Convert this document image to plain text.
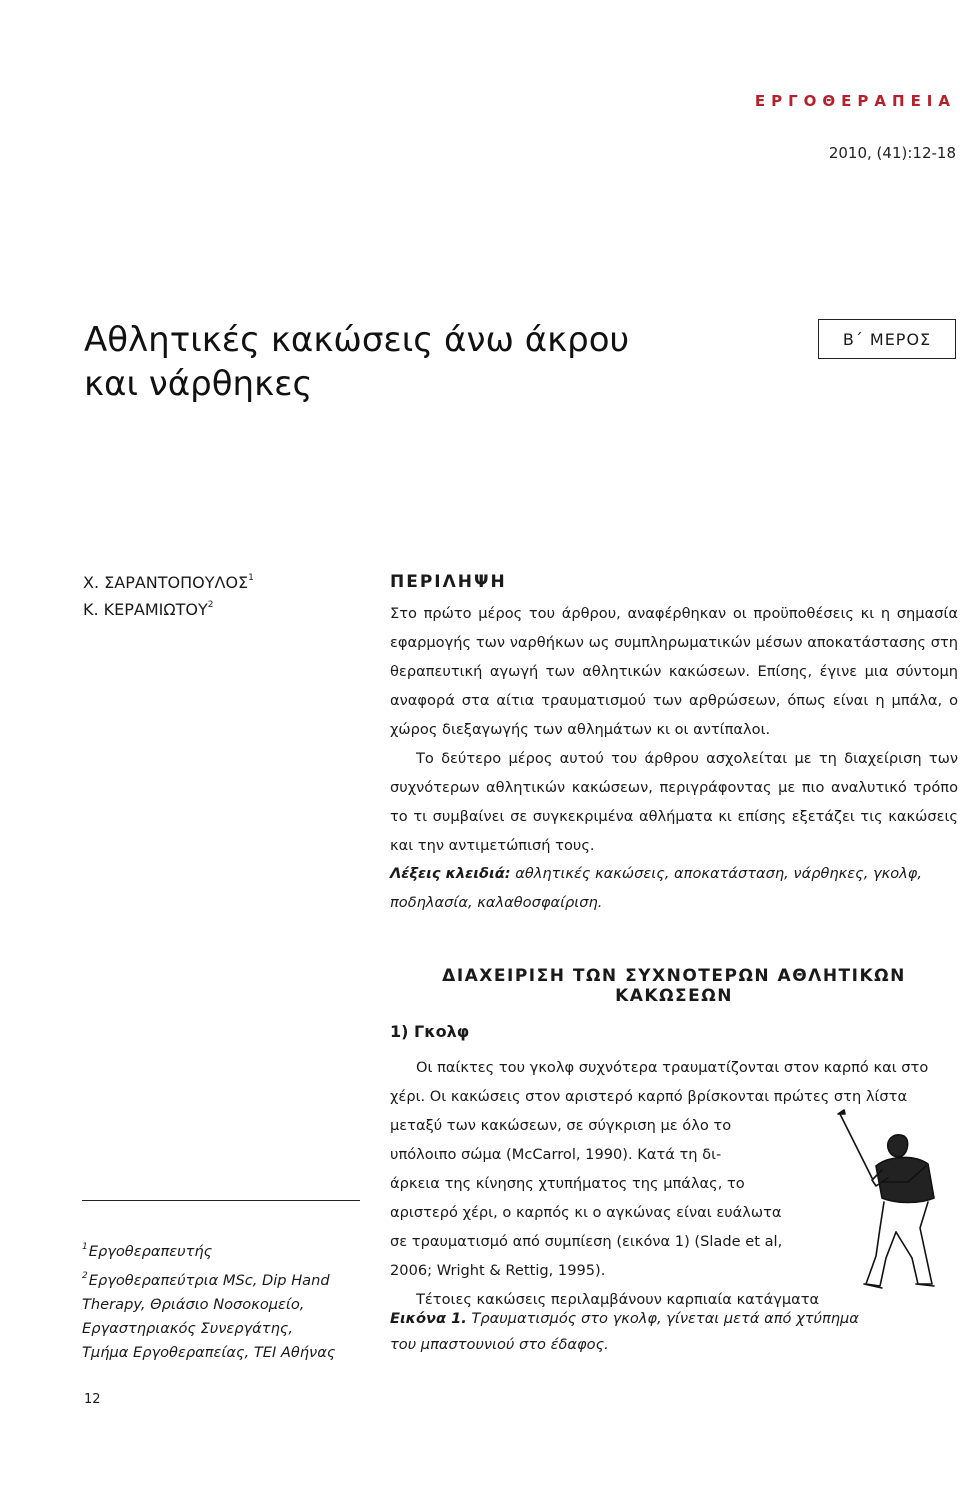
ΕΡΓΟΘΕΡΑΠΕΙΑ
2010, (41):12-18
Αθλητικές κακώσεις άνω άκρου
και νάρθηκες
Β΄ ΜΕΡΟΣ
Χ. ΣΑΡΑΝΤΟΠΟΥΛΟΣ$^1$
Κ. ΚΕΡΑΜΙΩΤΟΥ$^2$
ΠΕΡΙΛΗΨΗ

Στο πρώτο μέρος του άρθρου, αναφέρθηκαν οι προϋποθέσεις κι η σημασία εφαρμογής των ναρθήκων ως συμπληρωματικών μέσων αποκατάστασης στη θεραπευτική αγωγή των αθλητικών κακώσεων. Επίσης, έγινε μια σύντομη αναφορά στα αίτια τραυματισμού των αρθρώσεων, όπως είναι η μπάλα, ο χώρος διεξαγωγής των αθλημάτων κι οι αντίπαλοι.

Το δεύτερο μέρος αυτού του άρθρου ασχολείται με τη διαχείριση των συχνότερων αθλητικών κακώσεων, περιγράφοντας με πιο αναλυτικό τρόπο το τι συμβαίνει σε συγκεκριμένα αθλήματα κι επίσης εξετάζει τις κακώσεις και την αντιμετώπισή τους.

Λέξεις κλειδιά: αθλητικές κακώσεις, αποκατάσταση, νάρθηκες, γκολφ, ποδηλασία, καλαθοσφαίριση.

ΔΙΑΧΕΙΡΙΣΗ ΤΩΝ ΣΥΧΝΟΤΕΡΩΝ ΑΘΛΗΤΙΚΩΝ ΚΑΚΩΣΕΩΝ
1) Γκολφ

Οι παίκτες του γκολφ συχνότερα τραυματίζονται στον καρπό και στο

χέρι. Οι κακώσεις στον αριστερό καρπό βρίσκονται πρώτες στη λίστα

μεταξύ των κακώσεων, σε σύγκριση με όλο το

υπόλοιπο σώμα (McCarrol, 1990). Κατά τη δι-

άρκεια της κίνησης χτυπήματος της μπάλας, το

αριστερό χέρι, ο καρπός κι ο αγκώνας είναι ευάλωτα

σε τραυματισμό από συμπίεση (εικόνα 1) (Slade et al,

2006; Wright & Rettig, 1995).

Τέτοιες κακώσεις περιλαμβάνουν καρπιαία κατάγματα

Εικόνα 1. Τραυματισμός στο γκολφ, γίνεται μετά από χτύπημα του μπαστουνιού στο έδαφος.

$^1$Εργοθεραπευτής
$^2$Εργοθεραπεύτρια MSc, Dip Hand
Therapy, Θριάσιο Νοσοκομείο,
Εργαστηριακός Συνεργάτης,
Τμήμα Εργοθεραπείας, ΤΕΙ Αθήνας
12
